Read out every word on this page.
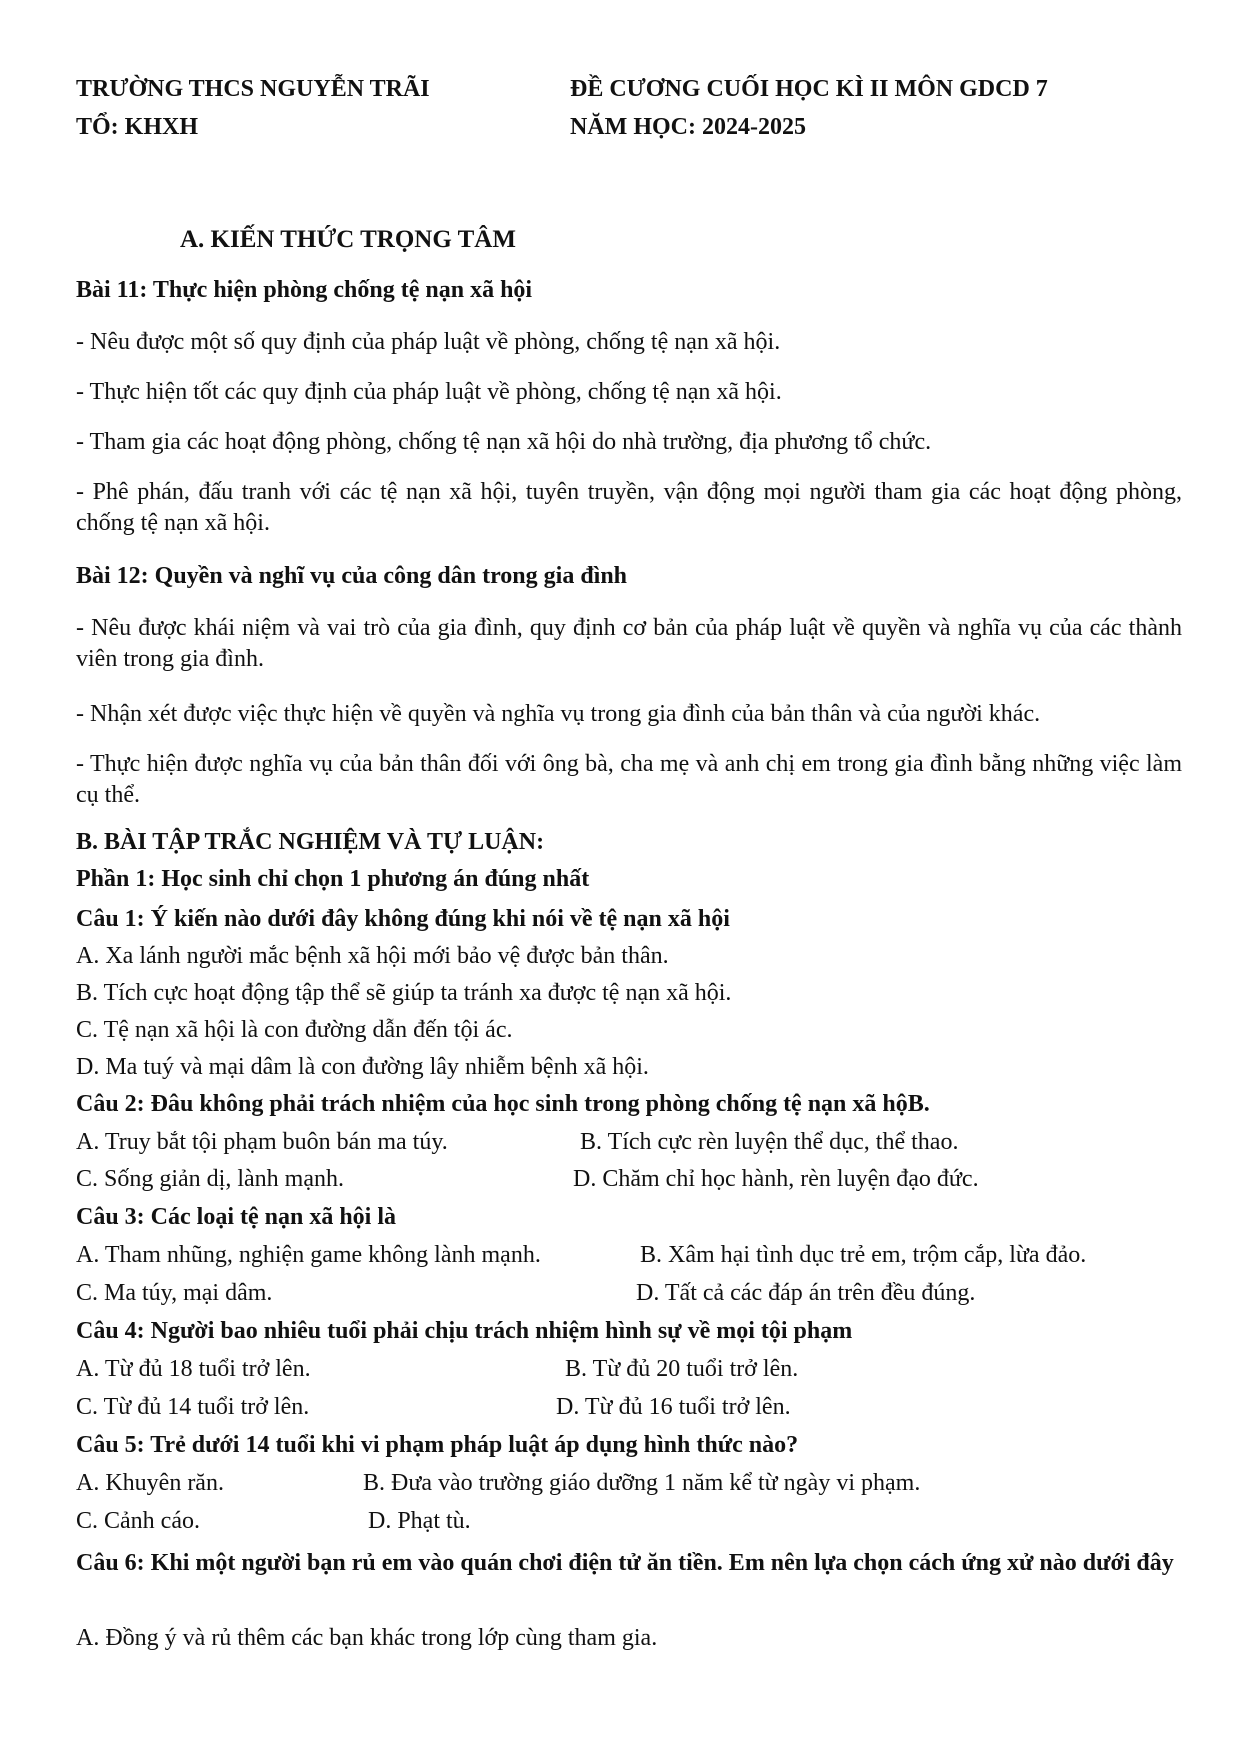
TRƯỜNG THCS NGUYỄN TRÃI
TỔ: KHXH
ĐỀ CƯƠNG CUỐI HỌC KÌ II MÔN GDCD 7
NĂM HỌC: 2024-2025
A. KIẾN THỨC TRỌNG TÂM
Bài 11: Thực hiện phòng chống tệ nạn xã hội
- Nêu được một số quy định của pháp luật về phòng, chống tệ nạn xã hội.
- Thực hiện tốt các quy định của pháp luật về phòng, chống tệ nạn xã hội.
- Tham gia các hoạt động phòng, chống tệ nạn xã hội do nhà trường, địa phương tổ chức.
- Phê phán, đấu tranh với các tệ nạn xã hội, tuyên truyền, vận động mọi người tham gia các hoạt động phòng, chống tệ nạn xã hội.
Bài 12: Quyền và nghĩ vụ của công dân trong gia đình
- Nêu được khái niệm và vai trò của gia đình, quy định cơ bản của pháp luật về quyền và nghĩa vụ của các thành viên trong gia đình.
- Nhận xét được việc thực hiện về quyền và nghĩa vụ trong gia đình của bản thân và của người khác.
- Thực hiện được nghĩa vụ của bản thân đối với ông bà, cha mẹ và anh chị em trong gia đình bằng những việc làm cụ thể.
B. BÀI TẬP TRẮC NGHIỆM VÀ TỰ LUẬN:
Phần 1: Học sinh chỉ chọn 1 phương án đúng nhất
Câu 1: Ý kiến nào dưới đây không đúng khi nói về tệ nạn xã hội
A. Xa lánh người mắc bệnh xã hội mới bảo vệ được bản thân.
B. Tích cực hoạt động tập thể sẽ giúp ta tránh xa được tệ nạn xã hội.
C. Tệ nạn xã hội là con đường dẫn đến tội ác.
D. Ma tuý và mại dâm là con đường lây nhiễm bệnh xã hội.
Câu 2: Đâu không phải trách nhiệm của học sinh trong phòng chống tệ nạn xã hộB.
A. Truy bắt tội phạm buôn bán ma túy.	B. Tích cực rèn luyện thể dục, thể thao.
C. Sống giản dị, lành mạnh.	D. Chăm chỉ học hành, rèn luyện đạo đức.
Câu 3: Các loại tệ nạn xã hội là
A. Tham nhũng, nghiện game không lành mạnh.	B. Xâm hại tình dục trẻ em, trộm cắp, lừa đảo.
C. Ma túy, mại dâm.	D. Tất cả các đáp án trên đều đúng.
Câu 4: Người bao nhiêu tuổi phải chịu trách nhiệm hình sự về mọi tội phạm
A. Từ đủ 18 tuổi trở lên.	B. Từ đủ 20 tuổi trở lên.
C. Từ đủ 14 tuổi trở lên.	D. Từ đủ 16 tuổi trở lên.
Câu 5: Trẻ dưới 14 tuổi khi vi phạm pháp luật áp dụng hình thức nào?
A. Khuyên răn.	B. Đưa vào trường giáo dưỡng 1 năm kể từ ngày vi phạm.
C. Cảnh cáo.	D. Phạt tù.
Câu 6: Khi một người bạn rủ em vào quán chơi điện tử ăn tiền. Em nên lựa chọn cách ứng xử nào dưới đây
A. Đồng ý và rủ thêm các bạn khác trong lớp cùng tham gia.
